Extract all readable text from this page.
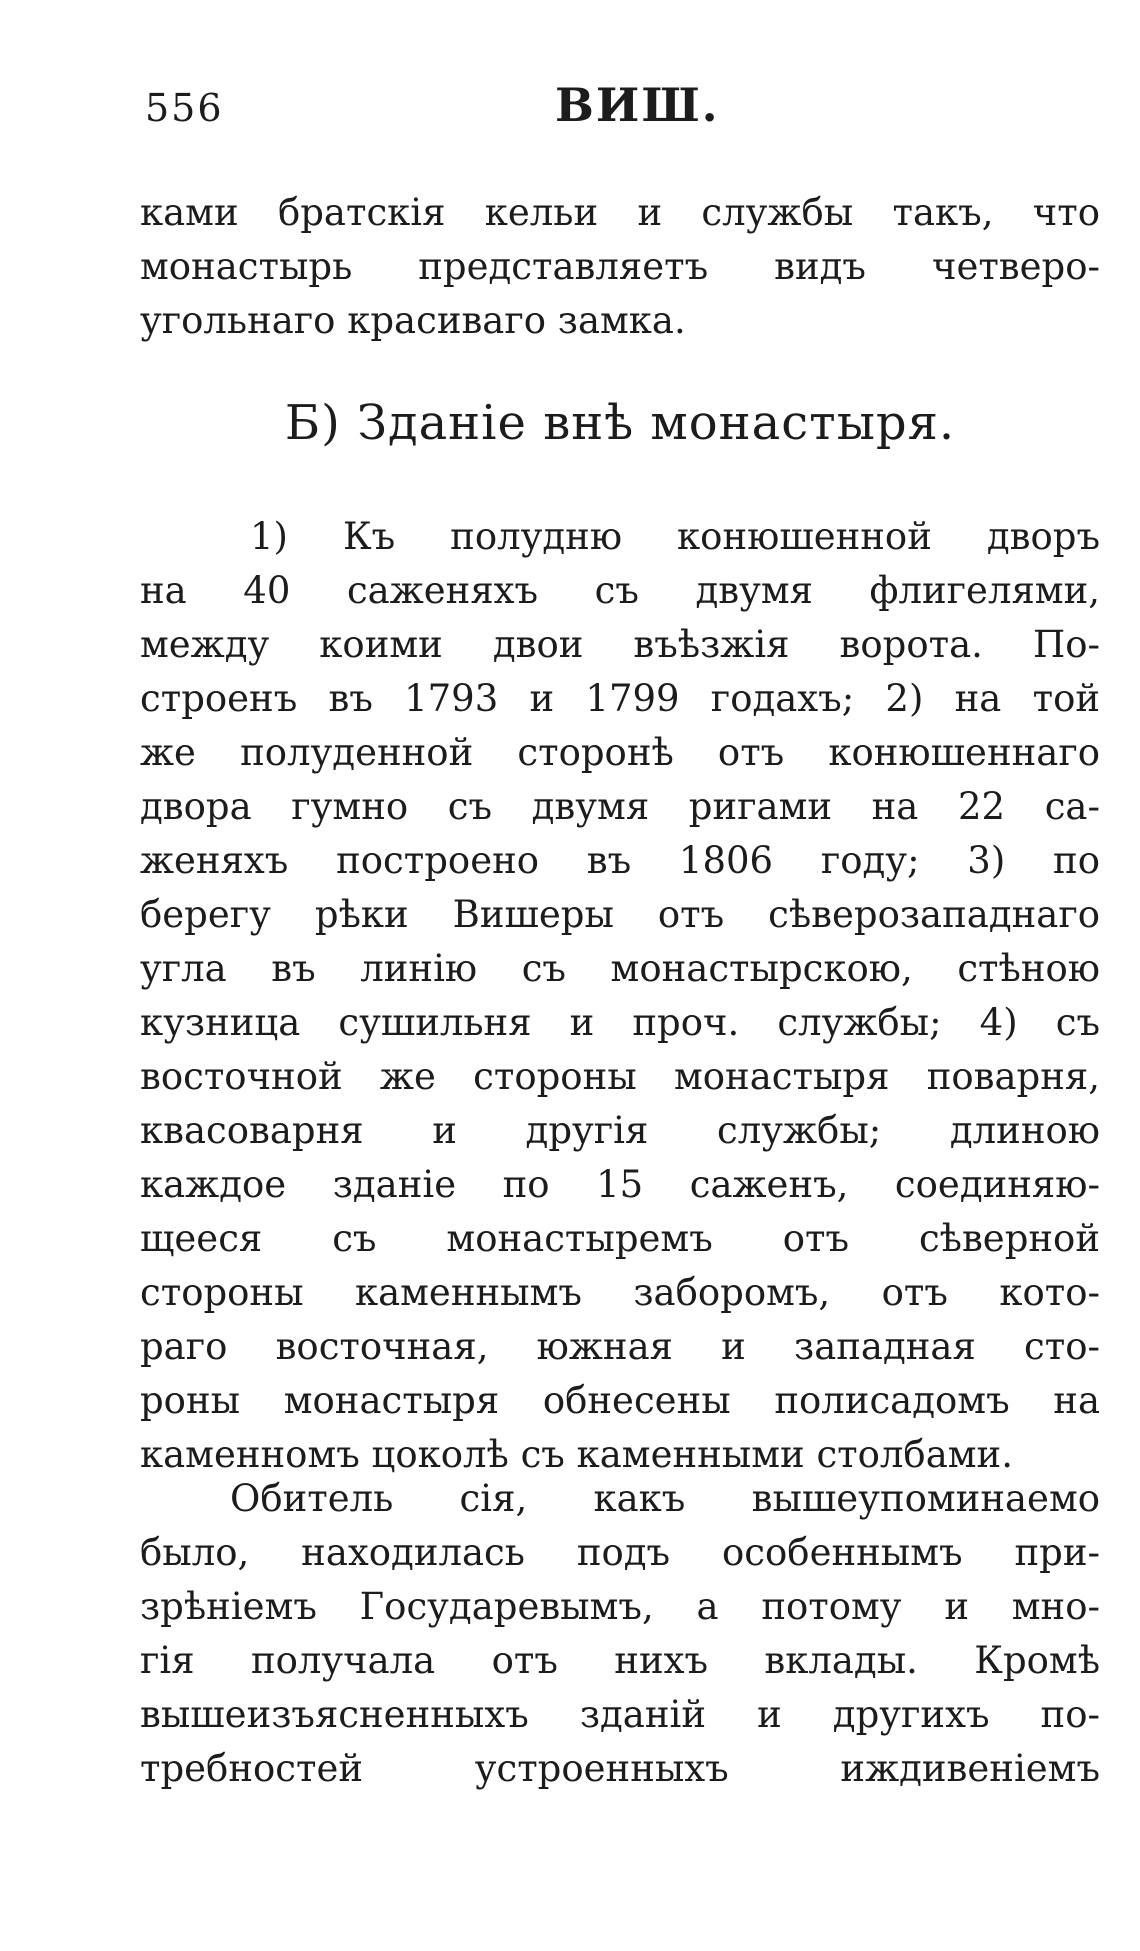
556	ВИШ.
ками братскія кельи и службы такъ, что
монастырь представляетъ видъ четверо-
угольнаго красиваго замка.
Б) Зданіе внѣ монастыря.
1) Къ полудню конюшенной дворъ
на 40 саженяхъ съ двумя флигелями,
между коими двои въѣзжія ворота. По-
строенъ въ 1793 и 1799 годахъ; 2) на той
же полуденной сторонѣ отъ конюшеннаго
двора гумно съ двумя ригами на 22 са-
женяхъ построено въ 1806 году; 3) по
берегу рѣки Вишеры отъ сѣверозападнаго
угла въ линію съ монастырскою, стѣною
кузница сушильня и проч. службы; 4) съ
восточной же стороны монастыря поварня,
квасоварня и другія службы; длиною
каждое зданіе по 15 саженъ, соединяю-
щееся съ монастыремъ отъ сѣверной
стороны каменнымъ заборомъ, отъ кото-
раго восточная, южная и западная сто-
роны монастыря обнесены полисадомъ на
каменномъ цоколѣ съ каменными столбами.
Обитель сія, какъ вышеупоминаемо
было, находилась подъ особеннымъ при-
зрѣніемъ Государевымъ, а потому и мно-
гія получала отъ нихъ вклады. Кромѣ
вышеизъясненныхъ зданій и другихъ по-
требностей устроенныхъ иждивеніемъ
